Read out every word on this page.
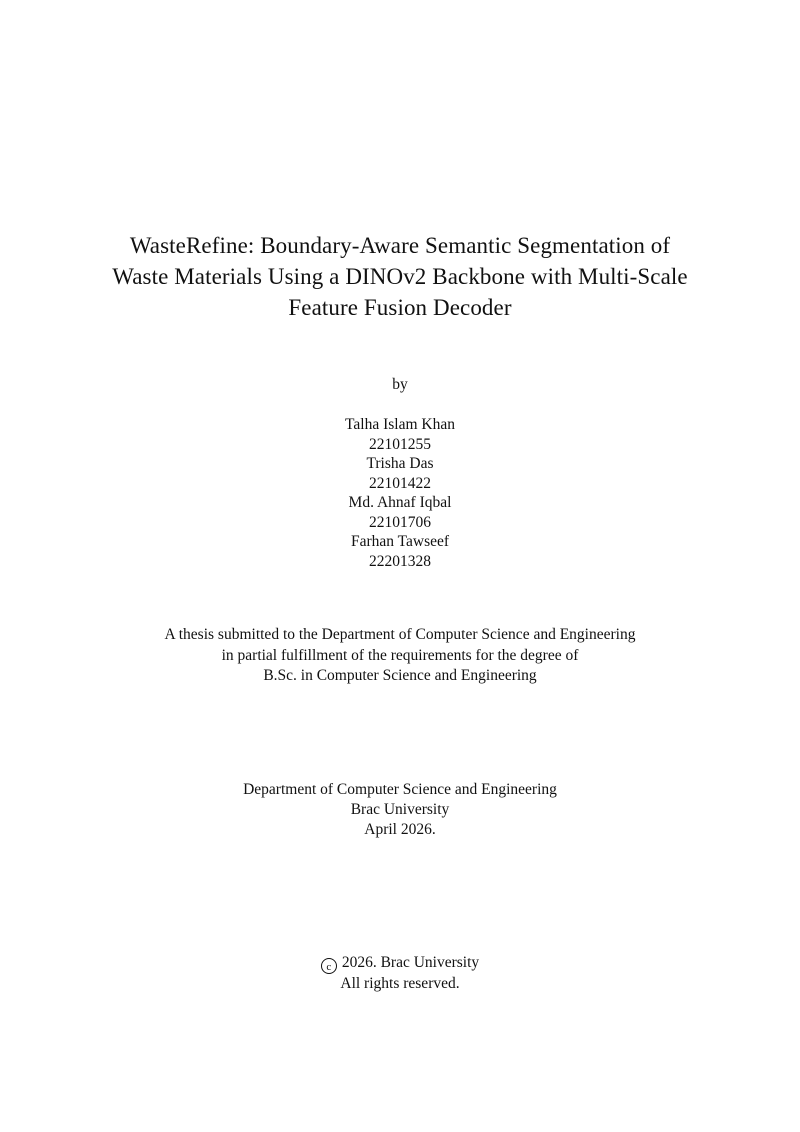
WasteRefine: Boundary-Aware Semantic Segmentation of
Waste Materials Using a DINOv2 Backbone with Multi-Scale
Feature Fusion Decoder
by
Talha Islam Khan
22101255
Trisha Das
22101422
Md. Ahnaf Iqbal
22101706
Farhan Tawseef
22201328
A thesis submitted to the Department of Computer Science and Engineering
in partial fulfillment of the requirements for the degree of
B.Sc. in Computer Science and Engineering
Department of Computer Science and Engineering
Brac University
April 2026.
c 2026. Brac University
All rights reserved.
